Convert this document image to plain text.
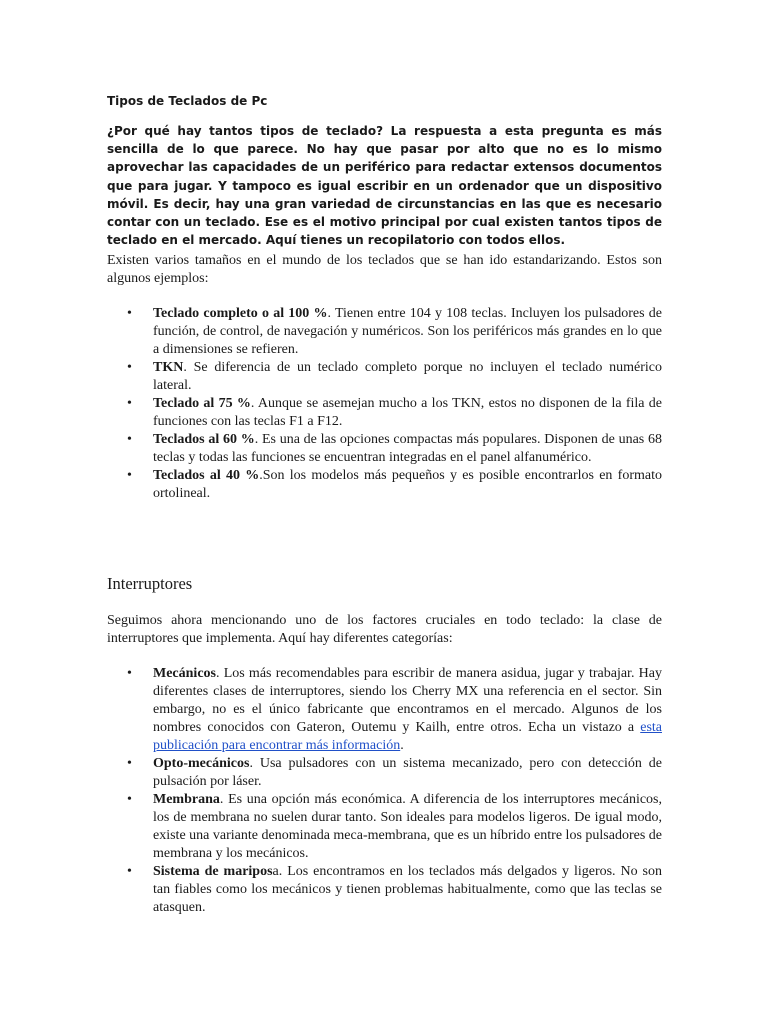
Tipos de Teclados de Pc
¿Por qué hay tantos tipos de teclado? La respuesta a esta pregunta es más sencilla de lo que parece. No hay que pasar por alto que no es lo mismo aprovechar las capacidades de un periférico para redactar extensos documentos que para jugar. Y tampoco es igual escribir en un ordenador que un dispositivo móvil. Es decir, hay una gran variedad de circunstancias en las que es necesario contar con un teclado. Ese es el motivo principal por cual existen tantos tipos de teclado en el mercado. Aquí tienes un recopilatorio con todos ellos.
Existen varios tamaños en el mundo de los teclados que se han ido estandarizando. Estos son algunos ejemplos:
• Teclado completo o al 100 %. Tienen entre 104 y 108 teclas. Incluyen los pulsadores de función, de control, de navegación y numéricos. Son los periféricos más grandes en lo que a dimensiones se refieren.
• TKN. Se diferencia de un teclado completo porque no incluyen el teclado numérico lateral.
• Teclado al 75 %. Aunque se asemejan mucho a los TKN, estos no disponen de la fila de funciones con las teclas F1 a F12.
• Teclados al 60 %. Es una de las opciones compactas más populares. Disponen de unas 68 teclas y todas las funciones se encuentran integradas en el panel alfanumérico.
• Teclados al 40 %.Son los modelos más pequeños y es posible encontrarlos en formato ortolineal.
Interruptores
Seguimos ahora mencionando uno de los factores cruciales en todo teclado: la clase de interruptores que implementa. Aquí hay diferentes categorías:
• Mecánicos. Los más recomendables para escribir de manera asidua, jugar y trabajar. Hay diferentes clases de interruptores, siendo los Cherry MX una referencia en el sector. Sin embargo, no es el único fabricante que encontramos en el mercado. Algunos de los nombres conocidos con Gateron, Outemu y Kailh, entre otros. Echa un vistazo a esta publicación para encontrar más información.
• Opto-mecánicos. Usa pulsadores con un sistema mecanizado, pero con detección de pulsación por láser.
• Membrana. Es una opción más económica. A diferencia de los interruptores mecánicos, los de membrana no suelen durar tanto. Son ideales para modelos ligeros. De igual modo, existe una variante denominada meca-membrana, que es un híbrido entre los pulsadores de membrana y los mecánicos.
• Sistema de mariposa. Los encontramos en los teclados más delgados y ligeros. No son tan fiables como los mecánicos y tienen problemas habitualmente, como que las teclas se atasquen.
